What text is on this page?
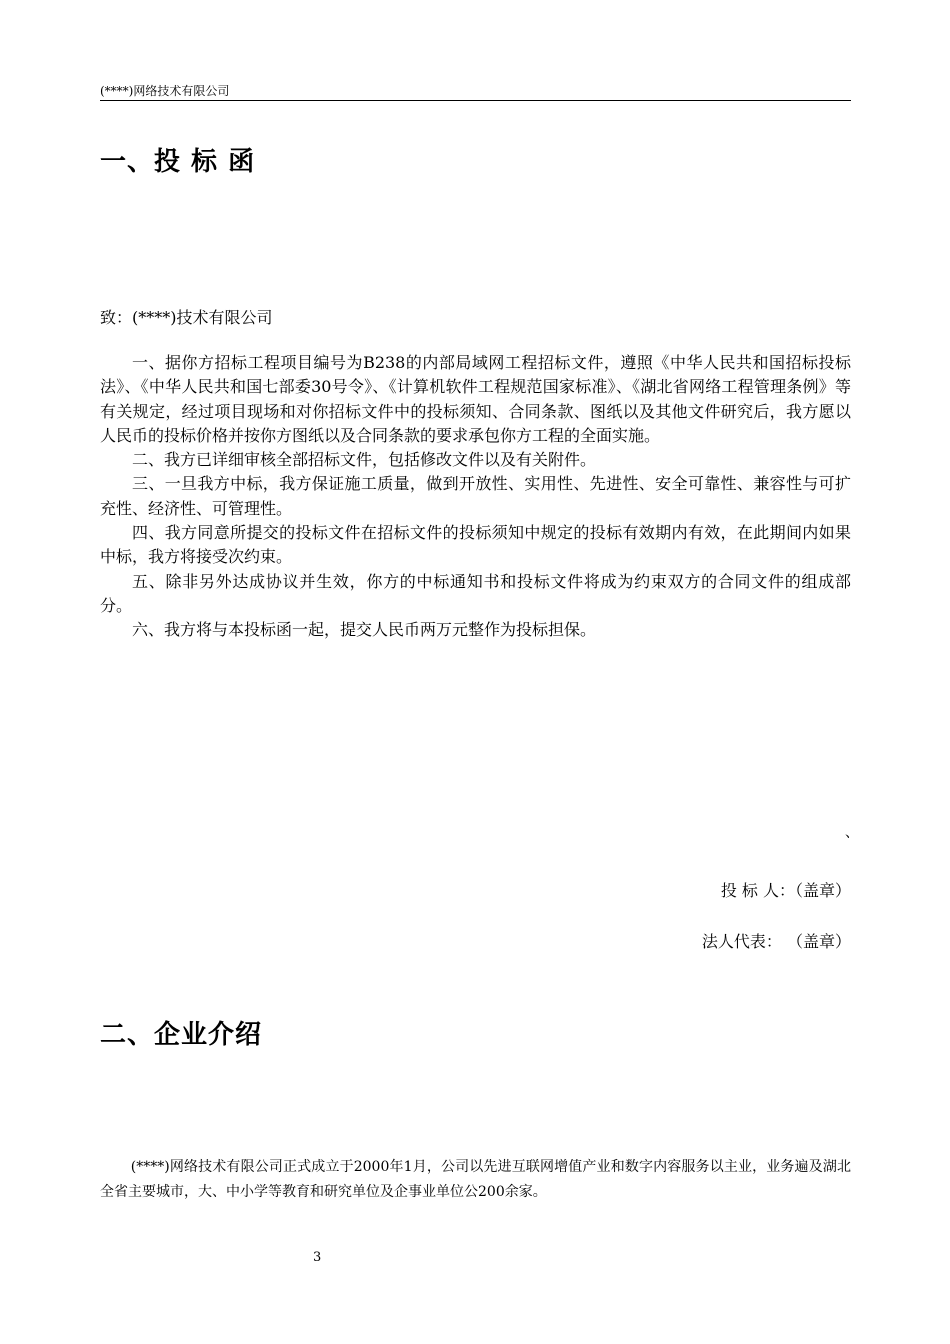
(****)网络技术有限公司
一、投 标 函
致：(****)技术有限公司

一、据你方招标工程项目编号为B238的内部局域网工程招标文件，遵照《中华人民共和国招标投标法》、《中华人民共和国七部委30号令》、《计算机软件工程规范国家标准》、《湖北省网络工程管理条例》等有关规定，经过项目现场和对你招标文件中的投标须知、合同条款、图纸以及其他文件研究后，我方愿以人民币的投标价格并按你方图纸以及合同条款的要求承包你方工程的全面实施。

二、我方已详细审核全部招标文件，包括修改文件以及有关附件。

三、一旦我方中标，我方保证施工质量，做到开放性、实用性、先进性、安全可靠性、兼容性与可扩充性、经济性、可管理性。

四、我方同意所提交的投标文件在招标文件的投标须知中规定的投标有效期内有效，在此期间内如果中标，我方将接受次约束。

五、除非另外达成协议并生效，你方的中标通知书和投标文件将成为约束双方的合同文件的组成部分。

六、我方将与本投标函一起，提交人民币两万元整作为投标担保。

、
投 标 人：（盖章）
法人代表： （盖章）
二、企业介绍

(****)网络技术有限公司正式成立于2000年1月，公司以先进互联网增值产业和数字内容服务以主业，业务遍及湖北全省主要城市，大、中小学等教育和研究单位及企事业单位公200余家。

3
